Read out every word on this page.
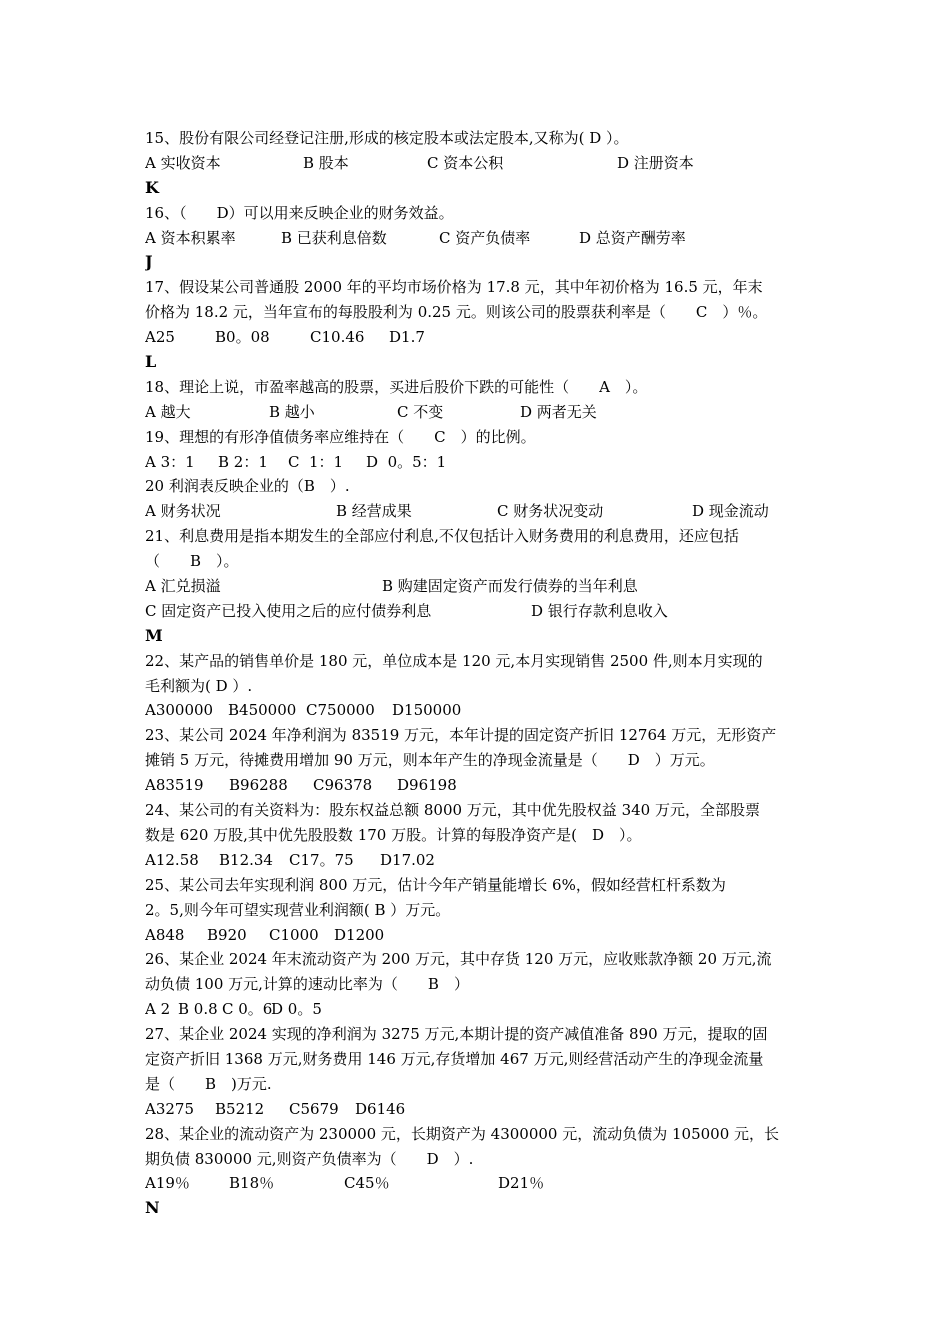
15、股份有限公司经登记注册,形成的核定股本或法定股本,又称为( D ）。
A 实收资本	B 股本	C 资本公积	D 注册资本
K
16、（　　D）可以用来反映企业的财务效益。
A 资本积累率	B 已获利息倍数	C 资产负债率	D 总资产酬劳率
J
17、假设某公司普通股 2000 年的平均市场价格为 17.8 元，其中年初价格为 16.5 元，年末
价格为 18.2 元，当年宣布的每股股利为 0.25 元。则该公司的股票获利率是（　　C　）％。
A25	B0。08	C10.46	D1.7
L
18、理论上说，市盈率越高的股票，买进后股价下跌的可能性（　　A　）。
A 越大	B 越小	C 不变	D 两者无关
19、理想的有形净值债务率应维持在（　　C　）的比例。
A 3：1	B 2：1	C  1：1	D  0。5：1
20 利润表反映企业的（B　）.
A 财务状况	B 经营成果	C 财务状况变动	D 现金流动
21、利息费用是指本期发生的全部应付利息,不仅包括计入财务费用的利息费用，还应包括
（　　B　）。
A 汇兑损溢	B 购建固定资产而发行债券的当年利息
C 固定资产已投入使用之后的应付债券利息	D 银行存款利息收入
M
22、某产品的销售单价是 180 元，单位成本是 120 元,本月实现销售 2500 件,则本月实现的
毛利额为( D ）.
A300000 B450000 C750000	D150000
23、某公司 2024 年净利润为 83519 万元，本年计提的固定资产折旧 12764 万元，无形资产
摊销 5 万元，待摊费用增加 90 万元，则本年产生的净现金流量是（　　D　）万元。
A83519	B96288	C96378	D96198
24、某公司的有关资料为：股东权益总额 8000 万元，其中优先股权益 340 万元，全部股票
数是 620 万股,其中优先股股数 170 万股。计算的每股净资产是(　D　）。
A12.58	B12.34	C17。75	D17.02
25、某公司去年实现利润 800 万元，估计今年产销量能增长 6%，假如经营杠杆系数为
2。5,则今年可望实现营业利润额( B ）万元。
A848	B920	C1000	D1200
26、某企业 2024 年末流动资产为 200 万元，其中存货 120 万元，应收账款净额 20 万元,流
动负债 100 万元,计算的速动比率为（　　B　）
A 2 B 0.8 C 0。6
D 0。5
27、某企业 2024 实现的净利润为 3275 万元,本期计提的资产减值准备 890 万元，提取的固
定资产折旧 1368 万元,财务费用 146 万元,存货增加 467 万元,则经营活动产生的净现金流量
是（　　B　)万元.
A3275	B5212	C5679	D6146
28、某企业的流动资产为 230000 元，长期资产为 4300000 元，流动负债为 105000 元，长
期负债 830000 元,则资产负债率为（　　D　）.
A19％	B18％	C45％	D21％
N
